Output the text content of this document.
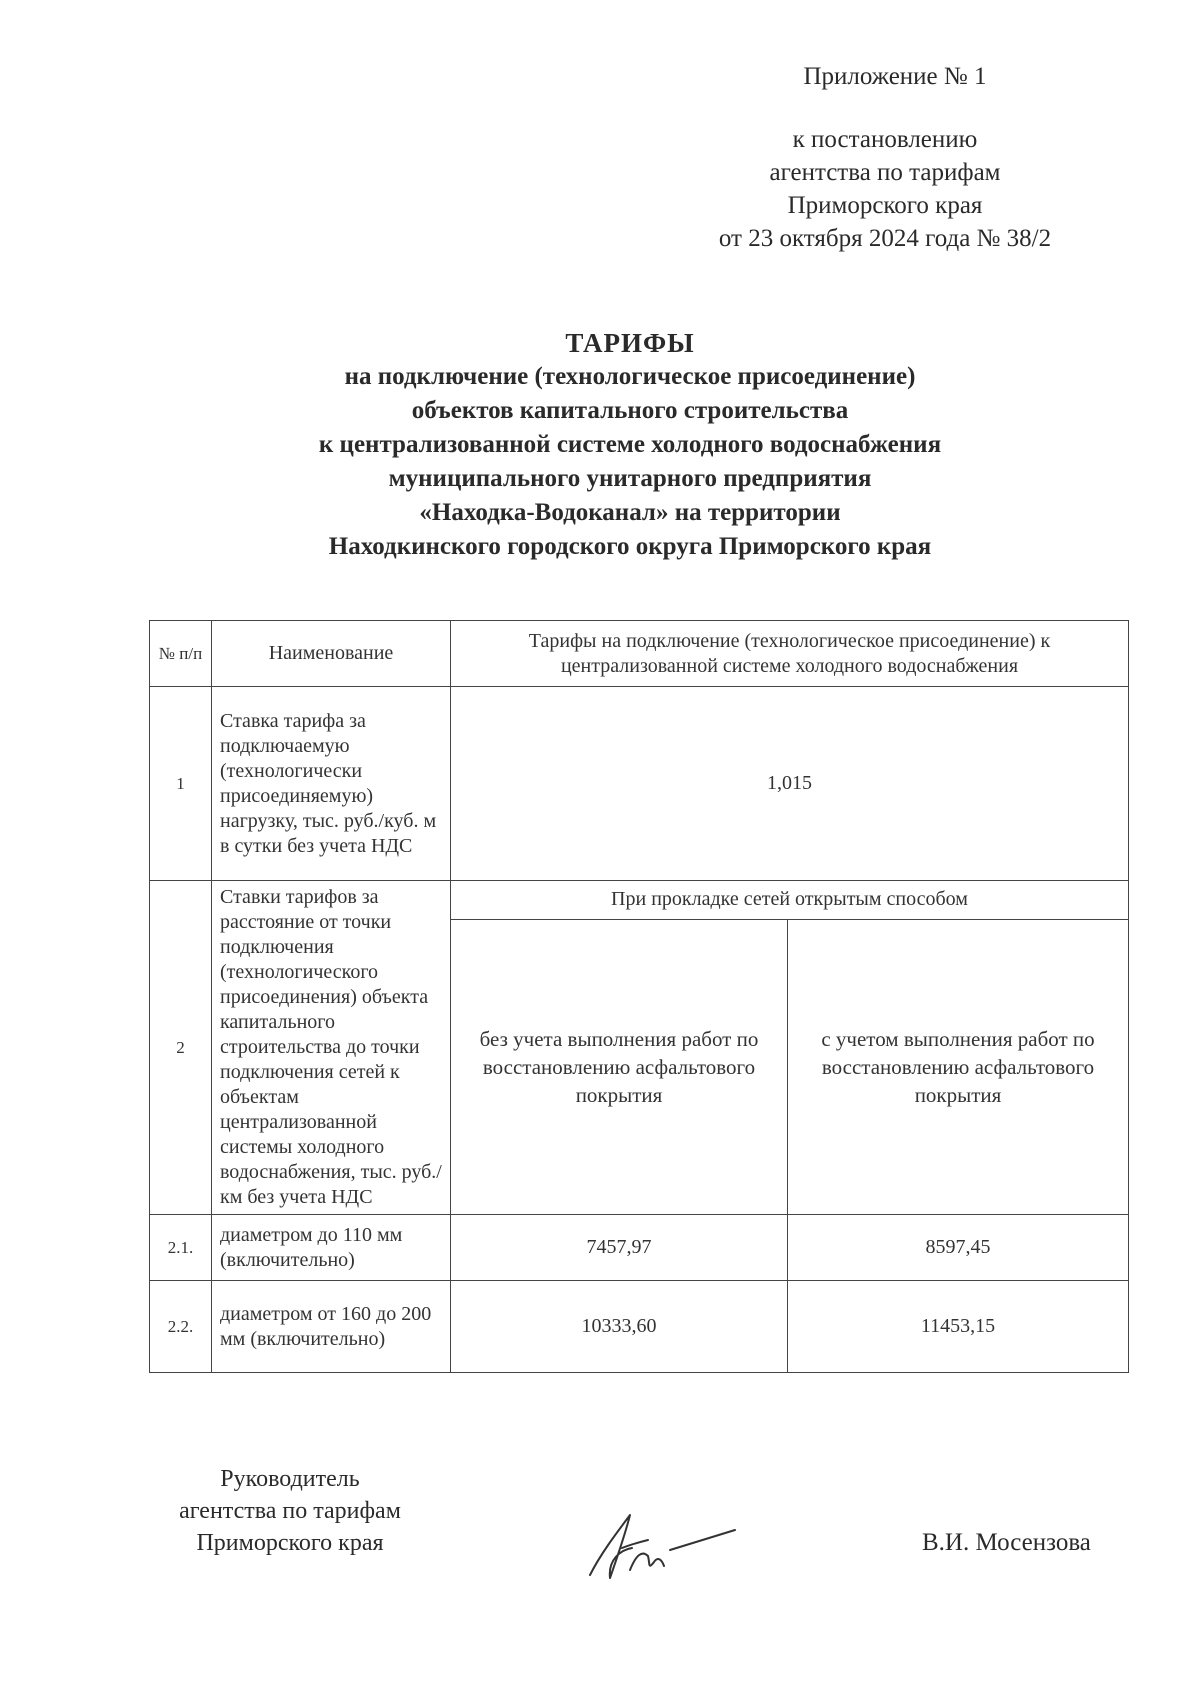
Приложение № 1
к постановлению
агентства по тарифам
Приморского края
от 23 октября 2024 года № 38/2
ТАРИФЫ
на подключение (технологическое присоединение)
объектов капитального строительства
к централизованной системе холодного водоснабжения
муниципального унитарного предприятия
«Находка-Водоканал» на территории
Находкинского городского округа Приморского края
№ п/п	Наименование	Тарифы на подключение (технологическое присоединение) к централизованной системе холодного водоснабжения	
1	Ставка тарифа за подключаемую (технологически присоединяемую) нагрузку, тыс. руб./куб. м в сутки без учета НДС	1,015	
2	Ставки тарифов за расстояние от точки подключения (технологического присоединения) объекта капитального строительства до точки подключения сетей к объектам централизованной системы холодного водоснабжения, тыс. руб./км без учета НДС	При прокладке сетей открытым способом	
		без учета выполнения работ по восстановлению асфальтового покрытия	с учетом выполнения работ по восстановлению асфальтового покрытия
2.1.	диаметром до 110 мм (включительно)	7457,97	8597,45
2.2.	диаметром от 160 до 200 мм (включительно)	10333,60	11453,15
Руководитель
агентства по тарифам
Приморского края	В.И. Мосензова
